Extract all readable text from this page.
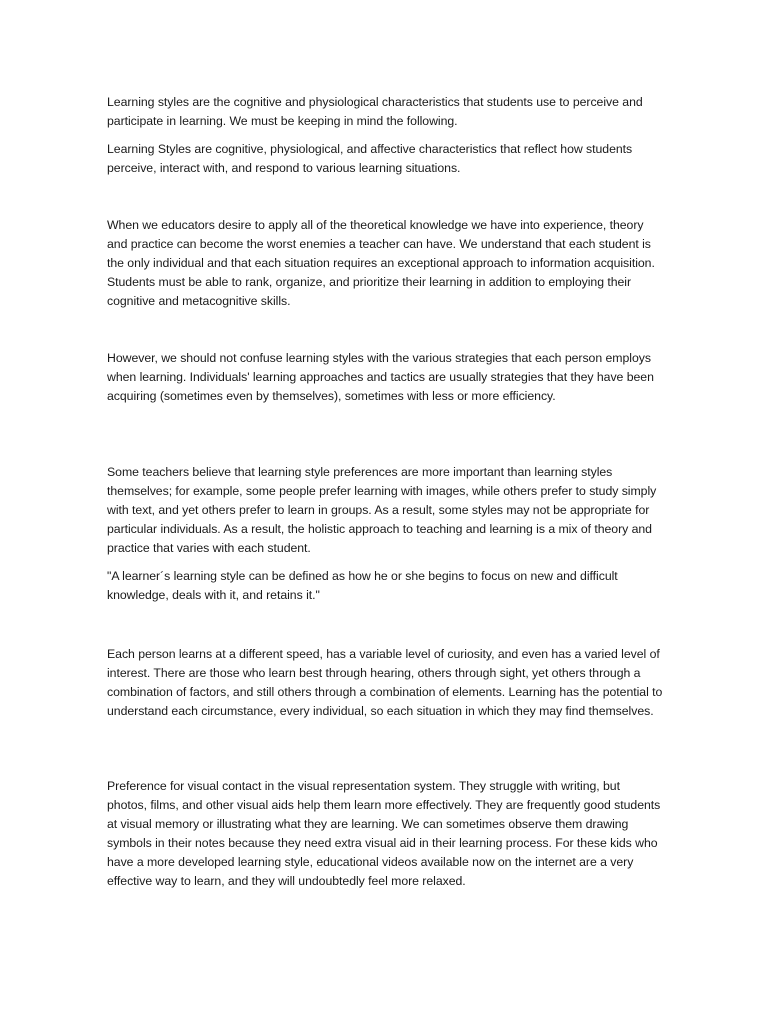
Learning styles are the cognitive and physiological characteristics that students use to perceive and participate in learning. We must be keeping in mind the following.

Learning Styles are cognitive, physiological, and affective characteristics that reflect how students perceive, interact with, and respond to various learning situations.

When we educators desire to apply all of the theoretical knowledge we have into experience, theory and practice can become the worst enemies a teacher can have. We understand that each student is the only individual and that each situation requires an exceptional approach to information acquisition. Students must be able to rank, organize, and prioritize their learning in addition to employing their cognitive and metacognitive skills.

However, we should not confuse learning styles with the various strategies that each person employs when learning. Individuals' learning approaches and tactics are usually strategies that they have been acquiring (sometimes even by themselves), sometimes with less or more efficiency.

Some teachers believe that learning style preferences are more important than learning styles themselves; for example, some people prefer learning with images, while others prefer to study simply with text, and yet others prefer to learn in groups. As a result, some styles may not be appropriate for particular individuals. As a result, the holistic approach to teaching and learning is a mix of theory and practice that varies with each student.

"A learner´s learning style can be defined as how he or she begins to focus on new and difficult knowledge, deals with it, and retains it."

Each person learns at a different speed, has a variable level of curiosity, and even has a varied level of interest. There are those who learn best through hearing, others through sight, yet others through a combination of factors, and still others through a combination of elements. Learning has the potential to understand each circumstance, every individual, so each situation in which they may find themselves.

Preference for visual contact in the visual representation system. They struggle with writing, but photos, films, and other visual aids help them learn more effectively. They are frequently good students at visual memory or illustrating what they are learning. We can sometimes observe them drawing symbols in their notes because they need extra visual aid in their learning process. For these kids who have a more developed learning style, educational videos available now on the internet are a very effective way to learn, and they will undoubtedly feel more relaxed.
